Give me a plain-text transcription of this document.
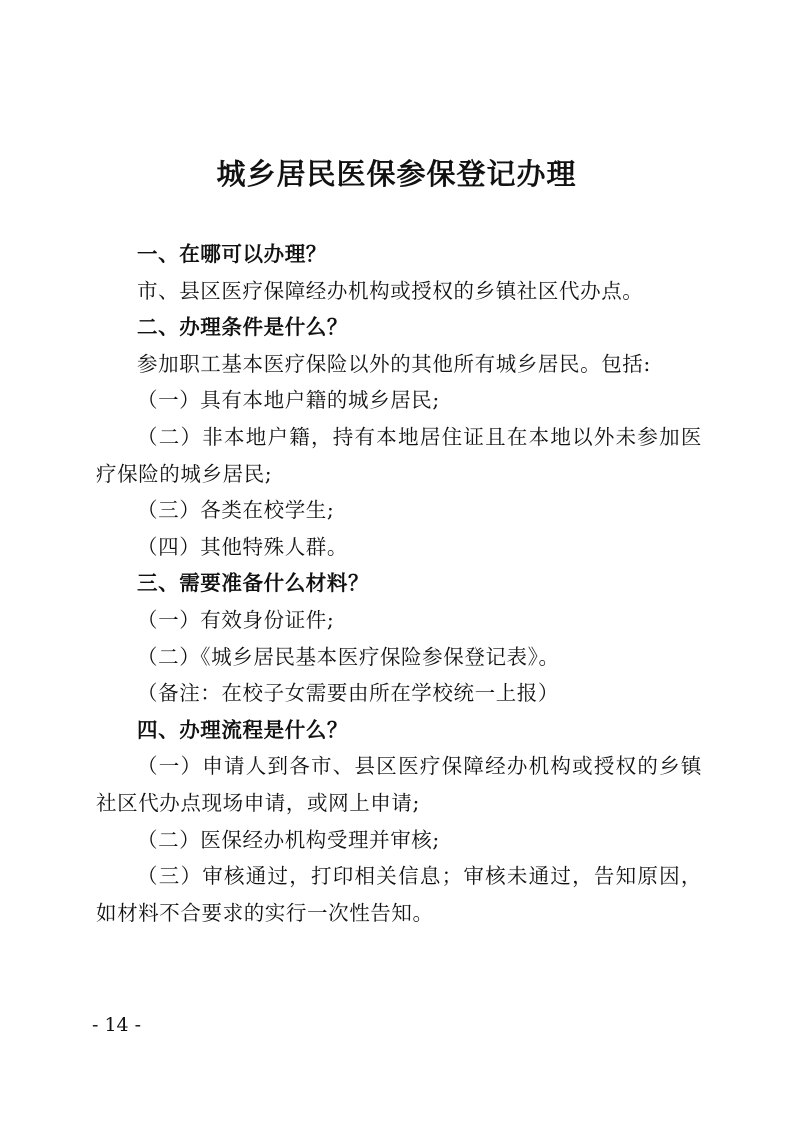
城乡居民医保参保登记办理

一、在哪可以办理？

市、县区医疗保障经办机构或授权的乡镇社区代办点。

二、办理条件是什么？

参加职工基本医疗保险以外的其他所有城乡居民。包括:

（一）具有本地户籍的城乡居民;

（二）非本地户籍，持有本地居住证且在本地以外未参加医疗保险的城乡居民;

（三）各类在校学生;

（四）其他特殊人群。

三、需要准备什么材料？

（一）有效身份证件;

（二）《城乡居民基本医疗保险参保登记表》。

（备注：在校子女需要由所在学校统一上报）

四、办理流程是什么？

（一）申请人到各市、县区医疗保障经办机构或授权的乡镇社区代办点现场申请，或网上申请;

（二）医保经办机构受理并审核;

（三）审核通过，打印相关信息；审核未通过，告知原因，如材料不合要求的实行一次性告知。

- 14 -
